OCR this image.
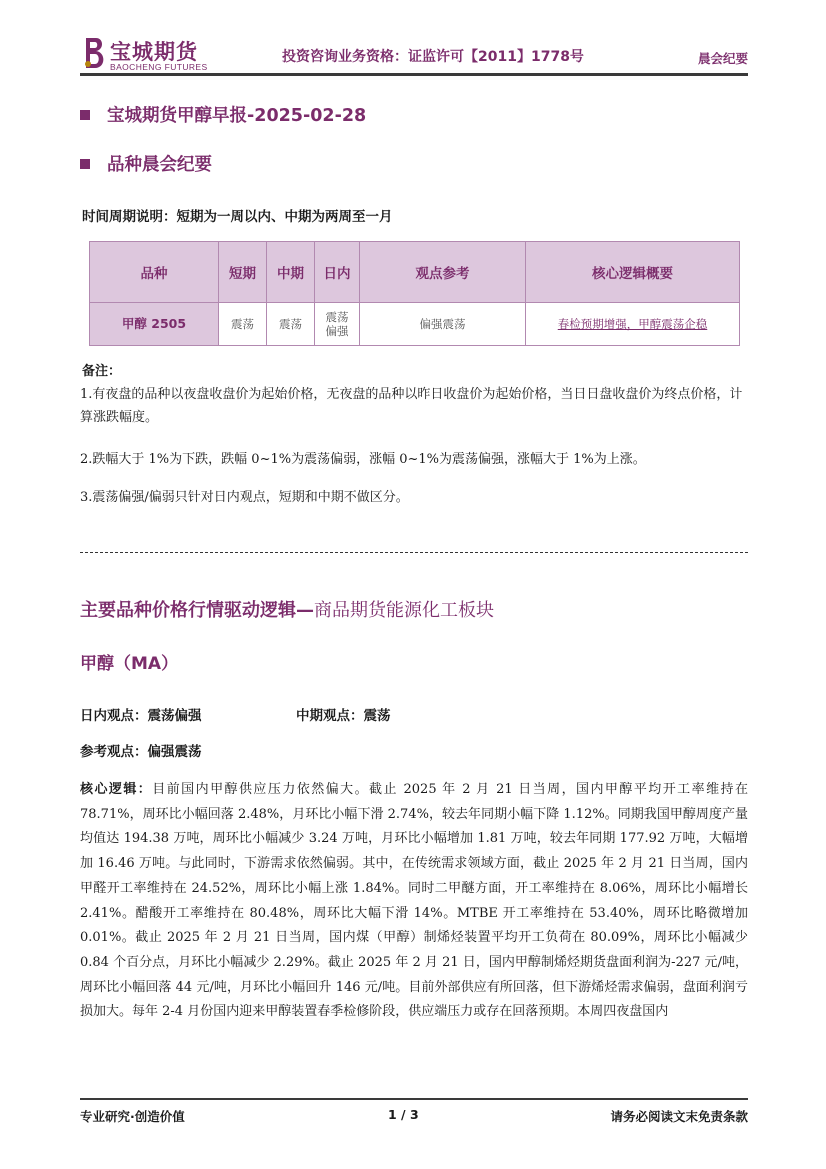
宝城期货
BAOCHENG FUTURES
投资咨询业务资格：证监许可【2011】1778号	晨会纪要
宝城期货甲醇早报-2025-02-28
品种晨会纪要
时间周期说明：短期为一周以内、中期为两周至一月
品种	短期	中期	日内	观点参考	核心逻辑概要
甲醇 2505	震荡	震荡	震荡偏强	偏强震荡	春检预期增强，甲醇震荡企稳
备注：
1.有夜盘的品种以夜盘收盘价为起始价格，无夜盘的品种以昨日收盘价为起始价格，当日日盘收盘价为终点价格，计算涨跌幅度。
2.跌幅大于 1%为下跌，跌幅 0~1%为震荡偏弱，涨幅 0~1%为震荡偏强，涨幅大于 1%为上涨。
3.震荡偏强/偏弱只针对日内观点，短期和中期不做区分。
主要品种价格行情驱动逻辑—商品期货能源化工板块
甲醇（MA）
日内观点：震荡偏强	中期观点：震荡
参考观点：偏强震荡
核心逻辑：目前国内甲醇供应压力依然偏大。截止 2025 年 2 月 21 日当周，国内甲醇平均开工率维持在 78.71%，周环比小幅回落 2.48%，月环比小幅下滑 2.74%，较去年同期小幅下降 1.12%。同期我国甲醇周度产量均值达 194.38 万吨，周环比小幅减少 3.24 万吨，月环比小幅增加 1.81 万吨，较去年同期 177.92 万吨，大幅增加 16.46 万吨。与此同时，下游需求依然偏弱。其中，在传统需求领域方面，截止 2025 年 2 月 21 日当周，国内甲醛开工率维持在 24.52%，周环比小幅上涨 1.84%。同时二甲醚方面，开工率维持在 8.06%，周环比小幅增长 2.41%。醋酸开工率维持在 80.48%，周环比大幅下滑 14%。MTBE 开工率维持在 53.40%，周环比略微增加 0.01%。截止 2025 年 2 月 21 日当周，国内煤（甲醇）制烯烃装置平均开工负荷在 80.09%，周环比小幅减少 0.84 个百分点，月环比小幅减少 2.29%。截止 2025 年 2 月 21 日，国内甲醇制烯烃期货盘面利润为-227 元/吨，周环比小幅回落 44 元/吨，月环比小幅回升 146 元/吨。目前外部供应有所回落，但下游烯烃需求偏弱，盘面利润亏损加大。每年 2-4 月份国内迎来甲醇装置春季检修阶段，供应端压力或存在回落预期。本周四夜盘国内
专业研究·创造价值	1 / 3	请务必阅读文末免责条款
